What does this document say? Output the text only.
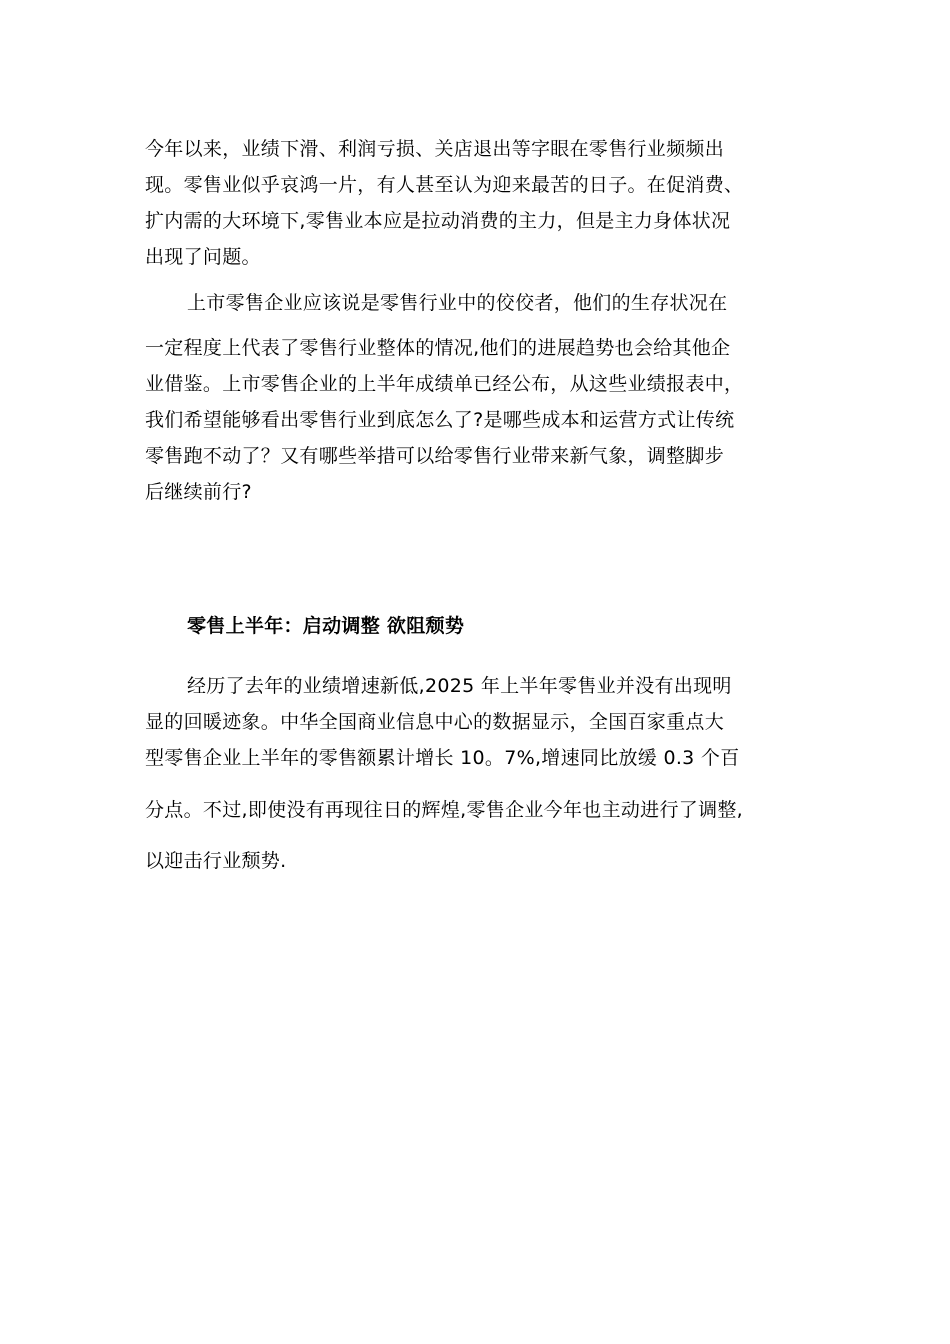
今年以来，业绩下滑、利润亏损、关店退出等字眼在零售行业频频出
现。零售业似乎哀鸿一片，有人甚至认为迎来最苦的日子。在促消费、
扩内需的大环境下,零售业本应是拉动消费的主力，但是主力身体状况
出现了问题。
上市零售企业应该说是零售行业中的佼佼者，他们的生存状况在
一定程度上代表了零售行业整体的情况,他们的进展趋势也会给其他企
业借鉴。上市零售企业的上半年成绩单已经公布，从这些业绩报表中，
我们希望能够看出零售行业到底怎么了?是哪些成本和运营方式让传统
零售跑不动了？又有哪些举措可以给零售行业带来新气象，调整脚步
后继续前行?
零售上半年：启动调整 欲阻颓势
经历了去年的业绩增速新低,2025 年上半年零售业并没有出现明
显的回暖迹象。中华全国商业信息中心的数据显示，全国百家重点大
型零售企业上半年的零售额累计增长 10。7%,增速同比放缓 0.3 个百
分点。不过,即使没有再现往日的辉煌,零售企业今年也主动进行了调整,
以迎击行业颓势.
